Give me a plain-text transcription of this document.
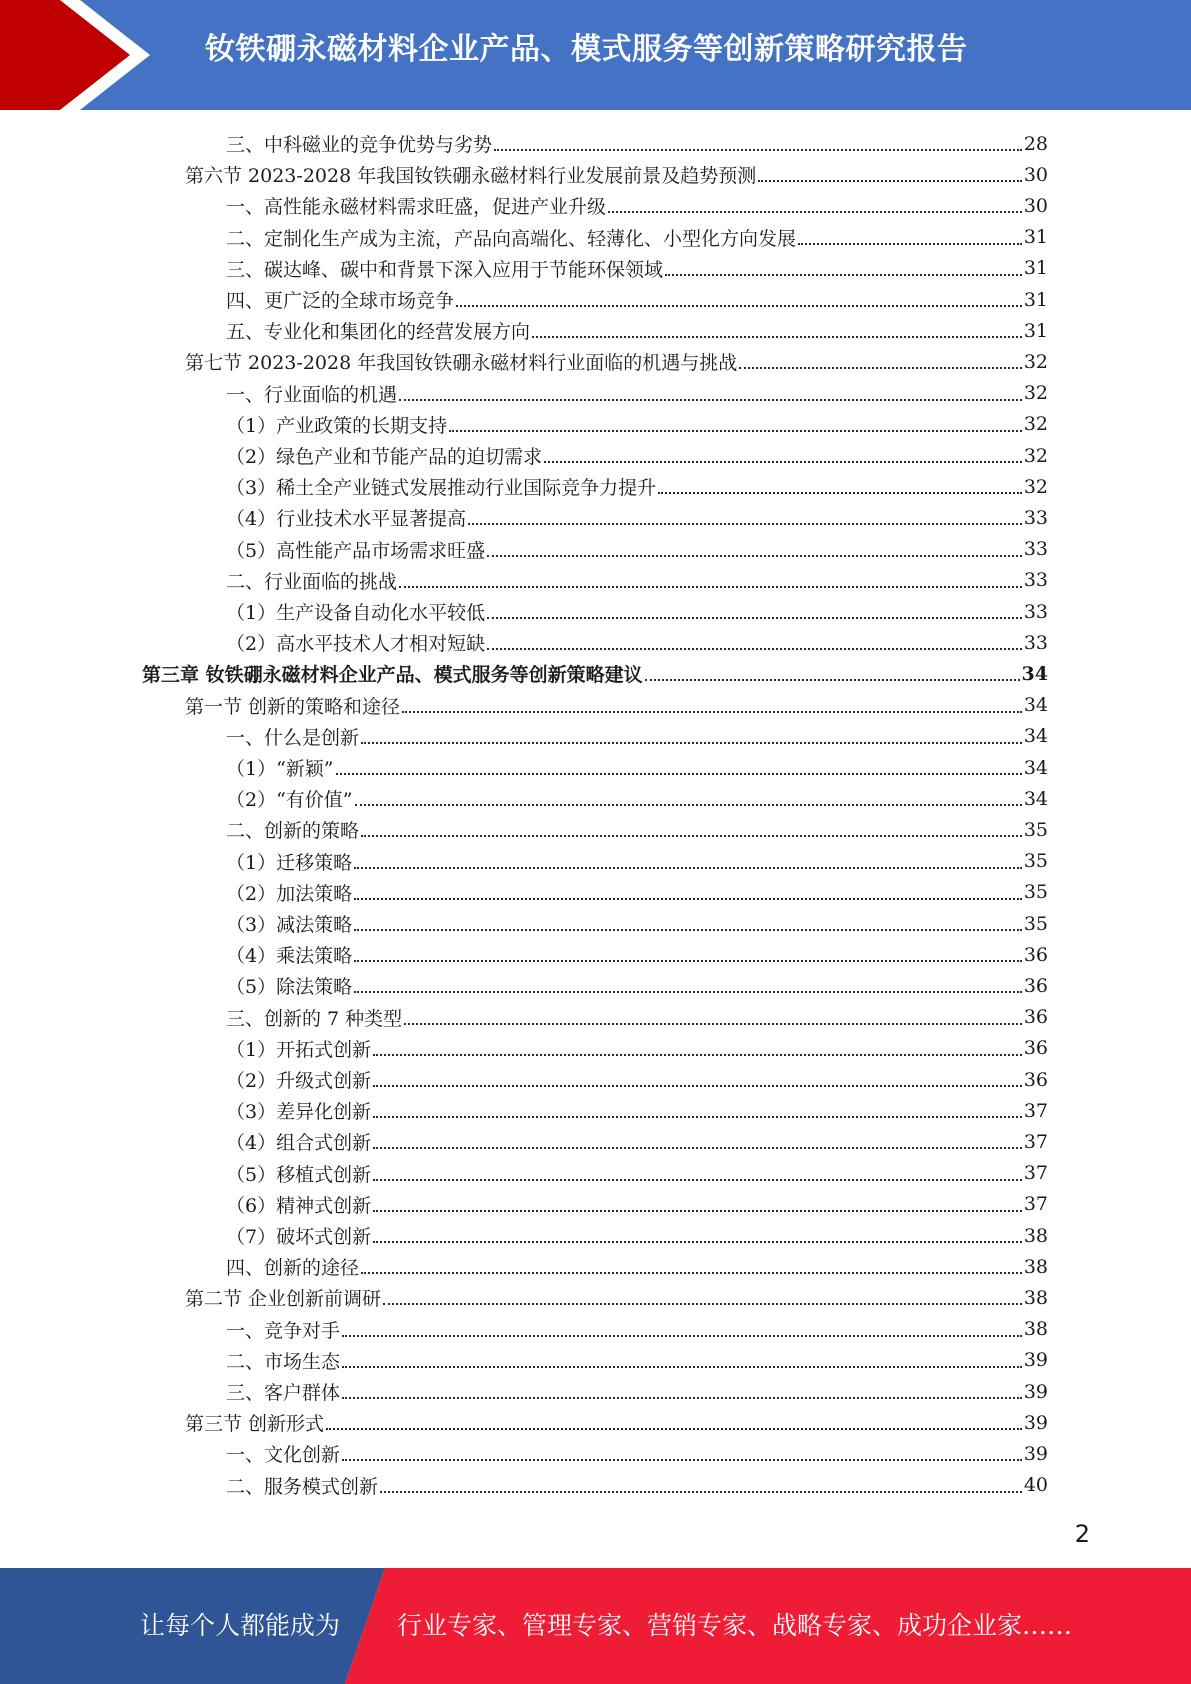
钕铁硼永磁材料企业产品、模式服务等创新策略研究报告
三、中科磁业的竞争优势与劣势	28
第六节 2023-2028 年我国钕铁硼永磁材料行业发展前景及趋势预测	30
一、高性能永磁材料需求旺盛，促进产业升级	30
二、定制化生产成为主流，产品向高端化、轻薄化、小型化方向发展	31
三、碳达峰、碳中和背景下深入应用于节能环保领域	31
四、更广泛的全球市场竞争	31
五、专业化和集团化的经营发展方向	31
第七节 2023-2028 年我国钕铁硼永磁材料行业面临的机遇与挑战	32
一、行业面临的机遇	32
（1）产业政策的长期支持	32
（2）绿色产业和节能产品的迫切需求	32
（3）稀土全产业链式发展推动行业国际竞争力提升	32
（4）行业技术水平显著提高	33
（5）高性能产品市场需求旺盛	33
二、行业面临的挑战	33
（1）生产设备自动化水平较低	33
（2）高水平技术人才相对短缺	33
第三章 钕铁硼永磁材料企业产品、模式服务等创新策略建议	34
第一节 创新的策略和途径	34
一、什么是创新	34
（1）“新颖”	34
（2）“有价值”	34
二、创新的策略	35
（1）迁移策略	35
（2）加法策略	35
（3）减法策略	35
（4）乘法策略	36
（5）除法策略	36
三、创新的 7 种类型	36
（1）开拓式创新	36
（2）升级式创新	36
（3）差异化创新	37
（4）组合式创新	37
（5）移植式创新	37
（6）精神式创新	37
（7）破坏式创新	38
四、创新的途径	38
第二节 企业创新前调研	38
一、竞争对手	38
二、市场生态	39
三、客户群体	39
第三节 创新形式	39
一、文化创新	39
二、服务模式创新	40
2
让每个人都能成为 行业专家、管理专家、营销专家、战略专家、成功企业家……
